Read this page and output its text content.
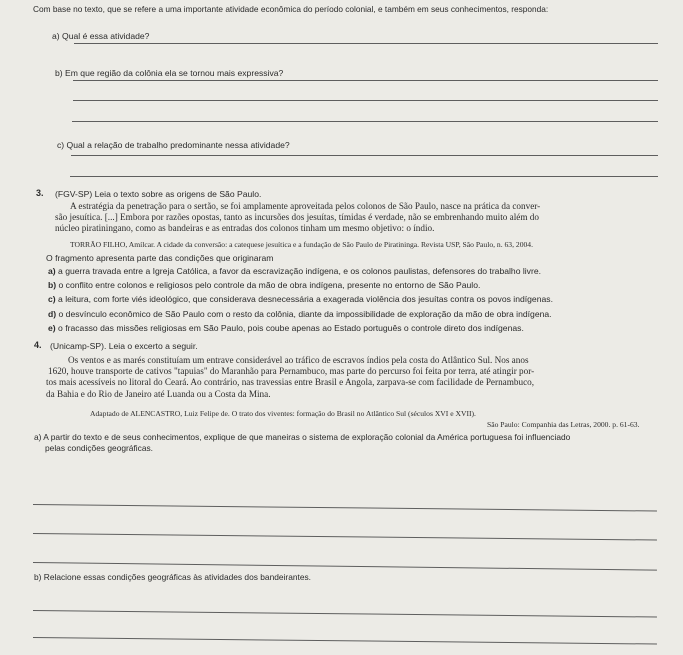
Com base no texto, que se refere a uma importante atividade econômica do período colonial, e também em seus conhecimentos, responda:
a) Qual é essa atividade?
b) Em que região da colônia ela se tornou mais expressiva?
c) Qual a relação de trabalho predominante nessa atividade?
3. (FGV-SP) Leia o texto sobre as origens de São Paulo.
A estratégia da penetração para o sertão, se foi amplamente aproveitada pelos colonos de São Paulo, nasce na prática da conver-
são jesuítica. [...] Embora por razões opostas, tanto as incursões dos jesuítas, tímidas é verdade, não se embrenhando muito além do
núcleo piratiningano, como as bandeiras e as entradas dos colonos tinham um mesmo objetivo: o índio.
TORRÃO FILHO, Amílcar. A cidade da conversão: a catequese jesuítica e a fundação de São Paulo de Piratininga. Revista USP, São Paulo, n. 63, 2004.
O fragmento apresenta parte das condições que originaram
a) a guerra travada entre a Igreja Católica, a favor da escravização indígena, e os colonos paulistas, defensores do trabalho livre.
b) o conflito entre colonos e religiosos pelo controle da mão de obra indígena, presente no entorno de São Paulo.
c) a leitura, com forte viés ideológico, que considerava desnecessária a exagerada violência dos jesuítas contra os povos indígenas.
d) o desvínculo econômico de São Paulo com o resto da colônia, diante da impossibilidade de exploração da mão de obra indígena.
e) o fracasso das missões religiosas em São Paulo, pois coube apenas ao Estado português o controle direto dos indígenas.
4. (Unicamp-SP). Leia o excerto a seguir.
Os ventos e as marés constituíam um entrave considerável ao tráfico de escravos índios pela costa do Atlântico Sul. Nos anos
1620, houve transporte de cativos "tapuias" do Maranhão para Pernambuco, mas parte do percurso foi feita por terra, até atingir por-
tos mais acessíveis no litoral do Ceará. Ao contrário, nas travessias entre Brasil e Angola, zarpava-se com facilidade de Pernambuco,
da Bahia e do Rio de Janeiro até Luanda ou a Costa da Mina.
Adaptado de ALENCASTRO, Luiz Felipe de. O trato dos viventes: formação do Brasil no Atlântico Sul (séculos XVI e XVII).
São Paulo: Companhia das Letras, 2000. p. 61-63.
a) A partir do texto e de seus conhecimentos, explique de que maneiras o sistema de exploração colonial da América portuguesa foi influenciado
pelas condições geográficas.
b) Relacione essas condições geográficas às atividades dos bandeirantes.
